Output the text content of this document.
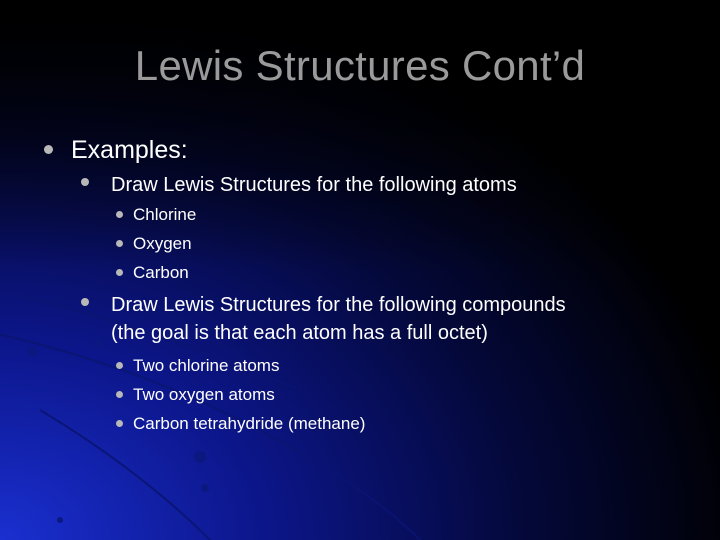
Lewis Structures Cont’d
Examples:
Draw Lewis Structures for the following atoms
Chlorine
Oxygen
Carbon
Draw Lewis Structures for the following compounds
(the goal is that each atom has a full octet)
Two chlorine atoms
Two oxygen atoms
Carbon tetrahydride (methane)
